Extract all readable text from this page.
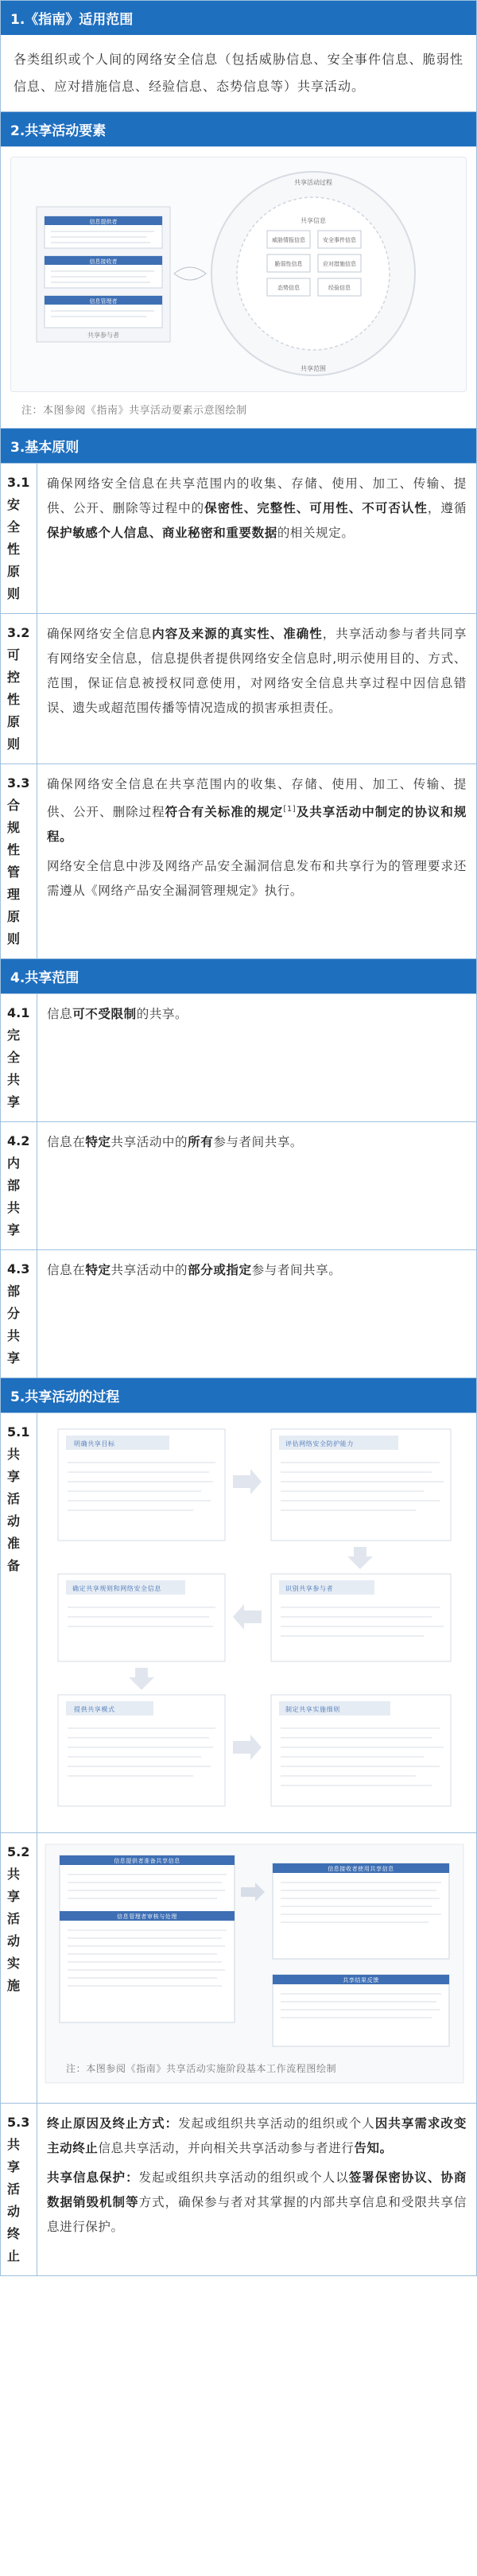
1.《指南》适用范围
各类组织或个人间的网络安全信息（包括威胁信息、安全事件信息、脆弱性信息、应对措施信息、经验信息、态势信息等）共享活动。
2.共享活动要素
信息提供者
信息接收者
信息管理者
共享参与者
共享活动过程
共享范围
共享信息
威胁情报信息	安全事件信息
脆弱性信息	应对措施信息
态势信息	经验信息
注：本图参阅《指南》共享活动要素示意图绘制
3.基本原则
3.1安全性原则
确保网络安全信息在共享范围内的收集、存储、使用、加工、传输、提供、公开、删除等过程中的保密性、完整性、可用性、不可否认性，遵循保护敏感个人信息、商业秘密和重要数据的相关规定。
3.2可控性原则
确保网络安全信息内容及来源的真实性、准确性，共享活动参与者共同享有网络安全信息，信息提供者提供网络安全信息时,明示使用目的、方式、范围，保证信息被授权同意使用，对网络安全信息共享过程中因信息错误、遗失或超范围传播等情况造成的损害承担责任。
3.3合规性管理原则
确保网络安全信息在共享范围内的收集、存储、使用、加工、传输、提供、公开、删除过程符合有关标准的规定[1]及共享活动中制定的协议和规程。
网络安全信息中涉及网络产品安全漏洞信息发布和共享行为的管理要求还需遵从《网络产品安全漏洞管理规定》执行。
4.共享范围
4.1完全共享
信息可不受限制的共享。
4.2内部共享
信息在特定共享活动中的所有参与者间共享。
4.3部分共享
信息在特定共享活动中的部分或指定参与者间共享。
5.共享活动的过程
5.1共享活动准备
明确共享目标	评估网络安全防护能力
识别共享参与者
确定共享规则和网络安全信息
提供共享模式	制定共享实施细则
5.2共享活动实施
信息提供者准备共享信息
信息管理者审核与处理
信息接收者使用共享信息
共享结果反馈
注：本图参阅《指南》共享活动实施阶段基本工作流程图绘制
5.3共享活动终止
终止原因及终止方式：发起或组织共享活动的组织或个人因共享需求改变主动终止信息共享活动，并向相关共享活动参与者进行告知。
共享信息保护：发起或组织共享活动的组织或个人以签署保密协议、协商数据销毁机制等方式，确保参与者对其掌握的内部共享信息和受限共享信息进行保护。
